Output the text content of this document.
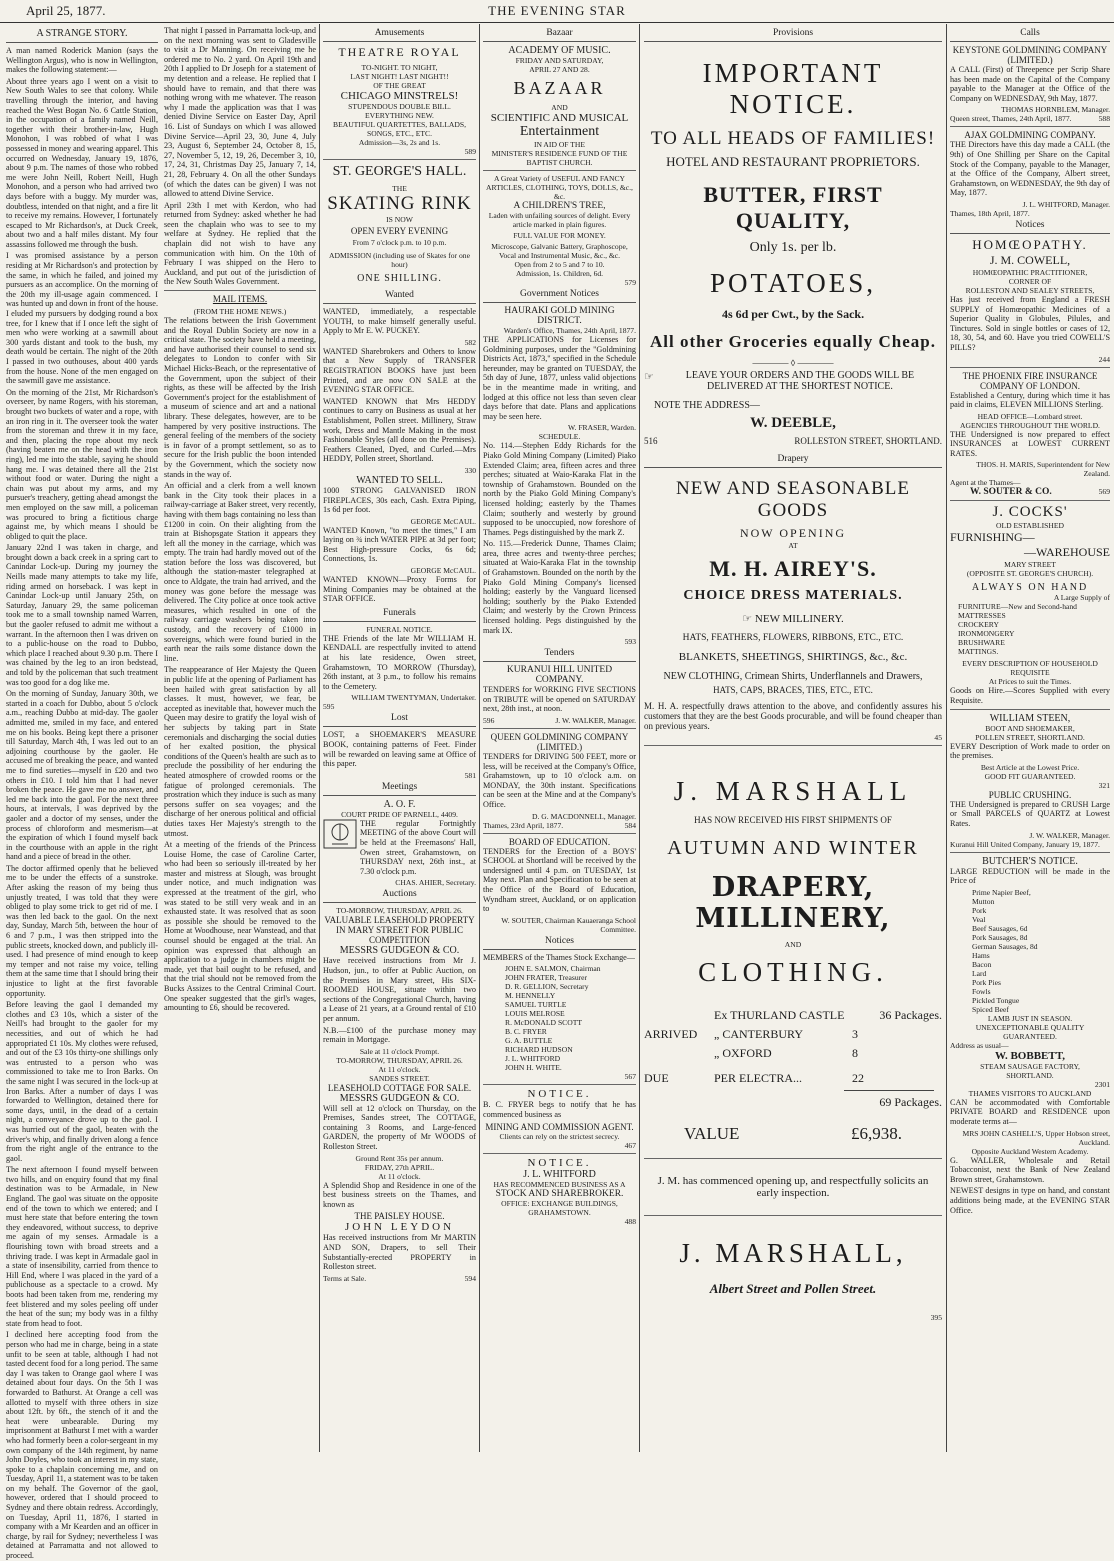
April 25, 1877.	THE EVENING STAR
A STRANGE STORY.

A man named Roderick Manion (says the Wellington Argus), who is now in Wellington, makes the following statement:—

About three years ago I went on a visit to New South Wales to see that colony. While travelling through the interior, and having reached the West Bogan No. 6 Cattle Station, in the occupation of a family named Neill, together with their brother-in-law, Hugh Monohon, I was robbed of what I was possessed in money and wearing apparel. This occurred on Wednesday, January 19, 1876, about 9 p.m. The names of those who robbed me were John Neill, Robert Neill, Hugh Monohon, and a person who had arrived two days before with a buggy. My murder was, doubtless, intended on that night, and a fire lit to receive my remains. However, I fortunately escaped to Mr Richardson's, at Duck Creek, about two and a half miles distant. My four assassins followed me through the bush.

I was promised assistance by a person residing at Mr Richardson's and protection by the same, in which he failed, and joined my pursuers as an accomplice. On the morning of the 20th my ill-usage again commenced. I was hunted up and down in front of the house. I eluded my pursuers by dodging round a box tree, for I knew that if I once left the sight of men who were working at a sawmill about 300 yards distant and took to the bush, my death would be certain. The night of the 20th I passed in two outhouses, about 400 yards from the house. None of the men engaged on the sawmill gave me assistance.

On the morning of the 21st, Mr Richardson's overseer, by name Rogers, with his storeman, brought two buckets of water and a rope, with an iron ring in it. The overseer took the water from the storeman and threw it in my face, and then, placing the rope about my neck (having beaten me on the head with the iron ring), led me into the stable, saying he should hang me. I was detained there all the 21st without food or water. During the night a chain was put about my arms, and my pursuer's treachery, getting ahead amongst the men employed on the saw mill, a policeman was procured to bring a fictitious charge against me, by which means I should be obliged to quit the place.

January 22nd I was taken in charge, and brought down a back creek in a spring cart to Canindar Lock-up. During my journey the Neills made many attempts to take my life, riding armed on horseback. I was kept in Canindar Lock-up until January 25th, on Saturday, January 29, the same policeman took me to a small township named Warren, but the gaoler refused to admit me without a warrant. In the afternoon then I was driven on to a public-house on the road to Dubbo, which place I reached about 9.30 p.m. There I was chained by the leg to an iron bedstead, and told by the policeman that such treatment was too good for a dog like me.

On the morning of Sunday, January 30th, we started in a coach for Dubbo, about 5 o'clock a.m., reaching Dubbo at mid-day. The gaoler admitted me, smiled in my face, and entered me on his books. Being kept there a prisoner till Saturday, March 4th, I was led out to an adjoining courthouse by the gaoler. He accused me of breaking the peace, and wanted me to find sureties—myself in £20 and two others in £10. I told him that I had never broken the peace. He gave me no answer, and led me back into the gaol. For the next three hours, at intervals, I was deprived by the gaoler and a doctor of my senses, under the process of chloroform and mesmerism—at the expiration of which I found myself back in the courthouse with an apple in the right hand and a piece of bread in the other.

The doctor affirmed openly that he believed me to be under the effects of a sunstroke. After asking the reason of my being thus unjustly treated, I was told that they were obliged to play some trick to get rid of me. I was then led back to the gaol. On the next day, Sunday, March 5th, between the hour of 6 and 7 p.m., I was then stripped into the public streets, knocked down, and publicly ill-used. I had presence of mind enough to keep my temper and not raise my voice, telling them at the same time that I should bring their injustice to light at the first favorable opportunity.

Before leaving the gaol I demanded my clothes and £3 10s, which a sister of the Neill's had brought to the gaoler for my necessities, and out of which he had appropriated £1 10s. My clothes were refused, and out of the £3 10s thirty-one shillings only was entrusted to a person who was commissioned to take me to Iron Barks. On the same night I was secured in the lock-up at Iron Barks. After a number of days I was forwarded to Wellington, detained there for some days, until, in the dead of a certain night, a conveyance drove up to the gaol. I was hurried out of the gaol, beaten with the driver's whip, and finally driven along a fence from the right angle of the entrance to the gaol.

The next afternoon I found myself between two hills, and on enquiry found that my final destination was to be Armadale, in New England. The gaol was situate on the opposite end of the town to which we entered; and I must here state that before entering the town they endeavored, without success, to deprive me again of my senses. Armadale is a flourishing town with broad streets and a thriving trade. I was kept in Armadale gaol in a state of insensibility, carried from thence to Hill End, where I was placed in the yard of a publichouse as a spectacle to a crowd. My boots had been taken from me, rendering my feet blistered and my soles peeling off under the heat of the sun; my body was in a filthy state from head to foot.

I declined here accepting food from the person who had me in charge, being in a state unfit to be seen at table, although I had not tasted decent food for a long period. The same day I was taken to Orange gaol where I was detained about four days. On the 5th I was forwarded to Bathurst. At Orange a cell was allotted to myself with three others in size about 12ft. by 6ft., the stench of it and the heat were unbearable. During my imprisonment at Bathurst I met with a warder who had formerly been a color-sergeant in my own company of the 14th regiment, by name John Doyles, who took an interest in my state, spoke to a chaplain concerning me, and on Tuesday, April 11, a statement was to be taken on my behalf. The Governor of the gaol, however, ordered that I should proceed to Sydney and there obtain redress. Accordingly, on Tuesday, April 11, 1876, I started in company with a Mr Kearden and an officer in charge, by rail for Sydney; nevertheless I was detained at Parramatta and not allowed to proceed.

That night I passed in Parramatta lock-up, and on the next morning was sent to Gladesville to visit a Dr Manning. On receiving me he ordered me to No. 2 yard. On April 19th and 20th I applied to Dr Joseph for a statement of my detention and a release. He replied that I should have to remain, and that there was nothing wrong with me whatever. The reason why I made the application was that I was denied Divine Service on Easter Day, April 16. List of Sundays on which I was allowed Divine Service—April 23, 30, June 4, July 23, August 6, September 24, October 8, 15, 27, November 5, 12, 19, 26, December 3, 10, 17, 24, 31, Christmas Day 25, January 7, 14, 21, 28, February 4. On all the other Sundays (of which the dates can be given) I was not allowed to attend Divine Service.

April 23th I met with Kerdon, who had returned from Sydney: asked whether he had seen the chaplain who was to see to my welfare at Sydney. He replied that the chaplain did not wish to have any communication with him. On the 10th of February I was shipped on the Hero to Auckland, and put out of the jurisdiction of the New South Wales Government.

MAIL ITEMS.
(FROM THE HOME NEWS.)

The relations between the Irish Government and the Royal Dublin Society are now in a critical state. The society have held a meeting, and have authorised their counsel to send six delegates to London to confer with Sir Michael Hicks-Beach, or the representative of the Government, upon the subject of their rights, as these will be affected by the Irish Government's project for the establishment of a museum of science and art and a national library. These delegates, however, are to be hampered by very positive instructions. The general feeling of the members of the society is in favor of a prompt settlement, so as to secure for the Irish public the boon intended by the Government, which the society now stands in the way of.

An official and a clerk from a well known bank in the City took their places in a railway-carriage at Baker street, very recently, having with them bags containing no less than £1200 in coin. On their alighting from the train at Bishopsgate Station it appears they left all the money in the carriage, which was empty. The train had hardly moved out of the station before the loss was discovered, but although the station-master telegraphed at once to Aldgate, the train had arrived, and the money was gone before the message was delivered. The City police at once took active measures, which resulted in one of the railway carriage washers being taken into custody, and the recovery of £1000 in sovereigns, which were found buried in the earth near the rails some distance down the line.

The reappearance of Her Majesty the Queen in public life at the opening of Parliament has been hailed with great satisfaction by all classes. It must, however, we fear, be accepted as inevitable that, however much the Queen may desire to gratify the loyal wish of her subjects by taking part in State ceremonials and discharging the social duties of her exalted position, the physical conditions of the Queen's health are such as to preclude the possibility of her enduring the heated atmosphere of crowded rooms or the fatigue of prolonged ceremonials. The prostration which they induce is such as many persons suffer on sea voyages; and the discharge of her onerous political and official duties taxes Her Majesty's strength to the utmost.

At a meeting of the friends of the Princess Louise Home, the case of Caroline Carter, who had been so seriously ill-treated by her master and mistress at Slough, was brought under notice, and much indignation was expressed at the treatment of the girl, who was stated to be still very weak and in an exhausted state. It was resolved that as soon as possible she should be removed to the Home at Woodhouse, near Wanstead, and that counsel should be engaged at the trial. An opinion was expressed that although an application to a judge in chambers might be made, yet that bail ought to be refused, and that the trial should not be removed from the Bucks Assizes to the Central Criminal Court. One speaker suggested that the girl's wages, amounting to £6, should be recovered.

Amusements
THEATRE ROYAL
TO-NIGHT. TO NIGHT,
LAST NIGHT! LAST NIGHT!!
OF THE GREAT
CHICAGO MINSTRELS!
STUPENDOUS DOUBLE BILL.
EVERYTHING NEW.
BEAUTIFUL QUARTETTES, BALLADS, SONGS, ETC., ETC.
Admission—3s, 2s and 1s.
589
ST. GEORGE'S HALL.
THE
SKATING RINK
IS NOW
OPEN EVERY EVENING
From 7 o'clock p.m. to 10 p.m.
ADMISSION (including use of Skates for one hour)
ONE SHILLING.
Wanted

WANTED, immediately, a respectable YOUTH, to make himself generally useful. Apply to Mr E. W. PUCKEY.

582

WANTED Sharebrokers and Others to know that a New Supply of TRANSFER REGISTRATION BOOKS have just been Printed, and are now ON SALE at the EVENING STAR OFFICE.

WANTED KNOWN that Mrs HEDDY continues to carry on Business as usual at her Establishment, Pollen street. Millinery, Straw work, Dress and Mantle Making in the most Fashionable Styles (all done on the Premises). Feathers Cleaned, Dyed, and Curled.—Mrs HEDDY, Pollen street, Shortland.

330
WANTED TO SELL.

1000 STRONG GALVANISED IRON FIREPLACES, 30s each, Cash. Extra Piping, 1s 6d per foot.

GEORGE McCAUL.

WANTED Known, "to meet the times," I am laying on ¾ inch WATER PIPE at 3d per foot; Best High-pressure Cocks, 6s 6d; Connections, 1s.

GEORGE McCAUL.

WANTED KNOWN—Proxy Forms for Mining Companies may be obtained at the STAR OFFICE.

Funerals
FUNERAL NOTICE.

THE Friends of the late Mr WILLIAM H. KENDALL are respectfully invited to attend at his late residence, Owen street, Grahamstown, TO MORROW (Thursday), 26th instant, at 3 p.m., to follow his remains to the Cemetery.

WILLIAM TWENTYMAN, Undertaker.
595
Lost

LOST, a SHOEMAKER'S MEASURE BOOK, containing patterns of Feet. Finder will be rewarded on leaving same at Office of this paper.

581
Meetings
A. O. F.
COURT PRIDE OF PARNELL, 4409.

THE regular Fortnightly MEETING of the above Court will be held at the Freemasons' Hall, Owen street, Grahamstown, on THURSDAY next, 26th inst., at 7.30 o'clock p.m.

CHAS. AHIER, Secretary.
Auctions
TO-MORROW, THURSDAY, APRIL 26.
VALUABLE LEASEHOLD PROPERTY IN MARY STREET FOR PUBLIC COMPETITION
MESSRS GUDGEON & CO.

Have received instructions from Mr J. Hudson, jun., to offer at Public Auction, on the Premises in Mary street, His SIX-ROOMED HOUSE, situate within two sections of the Congregational Church, having a Lease of 21 years, at a Ground rental of £10 per annum.

N.B.—£100 of the purchase money may remain in Mortgage.

Sale at 11 o'clock Prompt.
TO-MORROW, THURSDAY, APRIL 26.
At 11 o'clock.
SANDES STREET.
LEASEHOLD COTTAGE FOR SALE.
MESSRS GUDGEON & CO.

Will sell at 12 o'clock on Thursday, on the Premises, Sandes street, The COTTAGE, containing 3 Rooms, and Large-fenced GARDEN, the property of Mr WOODS of Rolleston Street.

Ground Rent 35s per annum.
FRIDAY, 27th APRIL.
At 11 o'clock.

A Splendid Shop and Residence in one of the best business streets on the Thames, and known as

THE PAISLEY HOUSE.
JOHN LEYDON

Has received instructions from Mr MARTIN AND SON, Drapers, to sell Their Substantially-erected PROPERTY in Rolleston street.

Terms at Sale.	594
Bazaar
ACADEMY OF MUSIC.
FRIDAY AND SATURDAY,
APRIL 27 AND 28.
BAZAAR
AND
SCIENTIFIC AND MUSICAL
Entertainment
IN AID OF THE
MINISTER'S RESIDENCE FUND OF THE BAPTIST CHURCH.
A Great Variety of USEFUL AND FANCY ARTICLES, CLOTHING, TOYS, DOLLS, &c., &c.
A CHILDREN'S TREE,
Laden with unfailing sources of delight. Every article marked in plain figures.
FULL VALUE FOR MONEY.
Microscope, Galvanic Battery, Graphoscope, Vocal and Instrumental Music, &c., &c.
Open from 2 to 5 and 7 to 10.
Admission, 1s. Children, 6d.
579
Government Notices
HAURAKI GOLD MINING DISTRICT.
Warden's Office, Thames, 24th April, 1877.

THE APPLICATIONS for Licenses for Goldmining purposes, under the "Goldmining Districts Act, 1873," specified in the Schedule hereunder, may be granted on TUESDAY, the 5th day of June, 1877, unless valid objections be in the meantime made in writing, and lodged at this office not less than seven clear days before that date. Plans and applications may be seen here.

W. FRASER, Warden.
SCHEDULE.

No. 114.—Stephen Eddy Richards for the Piako Gold Mining Company (Limited) Piako Extended Claim; area, fifteen acres and three perches; situated at Waio-Karaka Flat in the township of Grahamstown. Bounded on the north by the Piako Gold Mining Company's licensed holding; easterly by the Thames Claim; southerly and westerly by ground supposed to be unoccupied, now foreshore of Thames. Pegs distinguished by the mark Z.

No. 115.—Frederick Dunne, Thames Claim; area, three acres and twenty-three perches; situated at Waio-Karaka Flat in the township of Grahamstown. Bounded on the north by the Piako Gold Mining Company's licensed holding; easterly by the Vanguard licensed holding; southerly by the Piako Extended Claim; and westerly by the Crown Princess licensed holding. Pegs distinguished by the mark IX.

593
Tenders
KURANUI HILL UNITED COMPANY.

TENDERS for WORKING FIVE SECTIONS on TRIBUTE will be opened on SATURDAY next, 28th inst., at noon.

596	J. W. WALKER, Manager.
QUEEN GOLDMINING COMPANY (LIMITED.)

TENDERS for DRIVING 500 FEET, more or less, will be received at the Company's Office, Grahamstown, up to 10 o'clock a.m. on MONDAY, the 30th instant. Specifications can be seen at the Mine and at the Company's Office.

D. G. MACDONNELL, Manager.
Thames, 23rd April, 1877.	584
BOARD OF EDUCATION.

TENDERS for the Erection of a BOYS' SCHOOL at Shortland will be received by the undersigned until 4 p.m. on TUESDAY, 1st May next. Plan and Specification to be seen at the Office of the Board of Education, Wyndham street, Auckland, or on application to

W. SOUTER, Chairman Kauaeranga School Committee.
Notices

MEMBERS of the Thames Stock Exchange—

JOHN E. SALMON, Chairman
JOHN FRATER, Treasurer
D. R. GELLION, Secretary
M. HENNELLY
SAMUEL TURTLE
LOUIS MELROSE
R. McDONALD SCOTT
B. C. FRYER
G. A. BUTTLE
RICHARD HUDSON
J. L. WHITFORD
JOHN H. WHITE.
567
NOTICE.

B. C. FRYER begs to notify that he has commenced business as

MINING AND COMMISSION AGENT.
Clients can rely on the strictest secrecy.
467
NOTICE.
J. L. WHITFORD
HAS RECOMMENCED BUSINESS AS A
STOCK AND SHAREBROKER.
OFFICE: EXCHANGE BUILDINGS, GRAHAMSTOWN.
488
Provisions
IMPORTANT NOTICE.
TO ALL HEADS OF FAMILIES!
HOTEL AND RESTAURANT PROPRIETORS.
BUTTER, FIRST QUALITY,
Only 1s. per lb.
POTATOES,
4s 6d per Cwt., by the Sack.
All other Groceries equally Cheap.
———— ◊ ————
☞	LEAVE YOUR ORDERS AND THE GOODS WILL BE DELIVERED AT THE SHORTEST NOTICE.
NOTE THE ADDRESS—
W. DEEBLE,
516	ROLLESTON STREET, SHORTLAND.
Drapery
NEW AND SEASONABLE GOODS
NOW OPENING
AT
M. H. AIREY'S.
CHOICE DRESS MATERIALS.
☞ NEW MILLINERY.
HATS, FEATHERS, FLOWERS, RIBBONS, ETC., ETC.
BLANKETS, SHEETINGS, SHIRTINGS, &c., &c.
NEW CLOTHING, Crimean Shirts, Underflannels and Drawers,
HATS, CAPS, BRACES, TIES, ETC., ETC.

M. H. A. respectfully draws attention to the above, and confidently assures his customers that they are the best Goods procurable, and will be found cheaper than on previous years.

45
J. MARSHALL
HAS NOW RECEIVED HIS FIRST SHIPMENTS OF
AUTUMN AND WINTER
DRAPERY, MILLINERY,
AND
CLOTHING.
Ex THURLAND CASTLE	36 Packages.
ARRIVED	„ CANTERBURY	3
„ OXFORD	8
DUE	PER ELECTRA...	22
69 Packages.
VALUE	£6,938.
J. M. has commenced opening up, and respectfully solicits an early inspection.
J. MARSHALL,
Albert Street and Pollen Street.
395
Calls
KEYSTONE GOLDMINING COMPANY (LIMITED.)

A CALL (First) of Threepence per Scrip Share has been made on the Capital of the Company payable to the Manager at the Office of the Company on WEDNESDAY, 9th May, 1877.

THOMAS HORNBLEM, Manager.
Queen street, Thames, 24th April, 1877.	588
AJAX GOLDMINING COMPANY.

THE Directors have this day made a CALL (the 9th) of One Shilling per Share on the Capital Stock of the Company, payable to the Manager, at the Office of the Company, Albert street, Grahamstown, on WEDNESDAY, the 9th day of May, 1877.

J. L. WHITFORD, Manager.
Thames, 18th April, 1877.
Notices
HOMŒOPATHY.
J. M. COWELL,
HOMŒOPATHIC PRACTITIONER,
CORNER OF
ROLLESTON AND SEALEY STREETS,

Has just received from England a FRESH SUPPLY of Homœopathic Medicines of a Superior Quality in Globules, Pilules, and Tinctures. Sold in single bottles or cases of 12, 18, 30, 54, and 60. Have you tried COWELL'S PILLS?

244
THE PHOENIX FIRE INSURANCE COMPANY OF LONDON.

Established a Century, during which time it has paid in claims, ELEVEN MILLIONS Sterling.

HEAD OFFICE—Lombard street.
AGENCIES THROUGHOUT THE WORLD.

THE Undersigned is now prepared to effect INSURANCES at LOWEST CURRENT RATES.

THOS. H. MARIS, Superintendent for New Zealand.
Agent at the Thames—
W. SOUTER & CO.	569
J. COCKS'
OLD ESTABLISHED
FURNISHING—
—WAREHOUSE
MARY STREET
(OPPOSITE ST. GEORGE'S CHURCH).
ALWAYS ON HAND
A Large Supply of
FURNITURE—New and Second-hand
MATTRESSES
CROCKERY
IRONMONGERY
BRUSHWARE
MATTINGS.
EVERY DESCRIPTION OF HOUSEHOLD REQUISITE
At Prices to suit the Times.

Goods on Hire.—Scores Supplied with every Requisite.

WILLIAM STEEN,
BOOT AND SHOEMAKER,
POLLEN STREET, SHORTLAND.

EVERY Description of Work made to order on the premises.

Best Article at the Lowest Price.
GOOD FIT GUARANTEED.
321
PUBLIC CRUSHING.

THE Undersigned is prepared to CRUSH Large or Small PARCELS of QUARTZ at Lowest Rates.

J. W. WALKER, Manager.
Kuranui Hill United Company, January 19, 1877.
BUTCHER'S NOTICE.

LARGE REDUCTION will be made in the Price of

Prime Napier Beef,
Mutton
Pork
Veal
Beef Sausages, 6d
Pork Sausages, 8d
German Sausages, 8d
Hams
Bacon
Lard
Pork Pies
Fowls
Pickled Tongue
Spiced Beef
LAMB JUST IN SEASON.
UNEXCEPTIONABLE QUALITY GUARANTEED.
Address as usual—
W. BOBBETT,
STEAM SAUSAGE FACTORY,
SHORTLAND.
2301
THAMES VISITORS TO AUCKLAND

CAN be accommodated with Comfortable PRIVATE BOARD and RESIDENCE upon moderate terms at—

MRS JOHN CASHELL'S, Upper Hobson street, Auckland.
Opposite Auckland Western Academy.

G. WALLER, Wholesale and Retail Tobacconist, next the Bank of New Zealand Brown street, Grahamstown.

NEWEST designs in type on hand, and constant additions being made, at the EVENING STAR Office.
